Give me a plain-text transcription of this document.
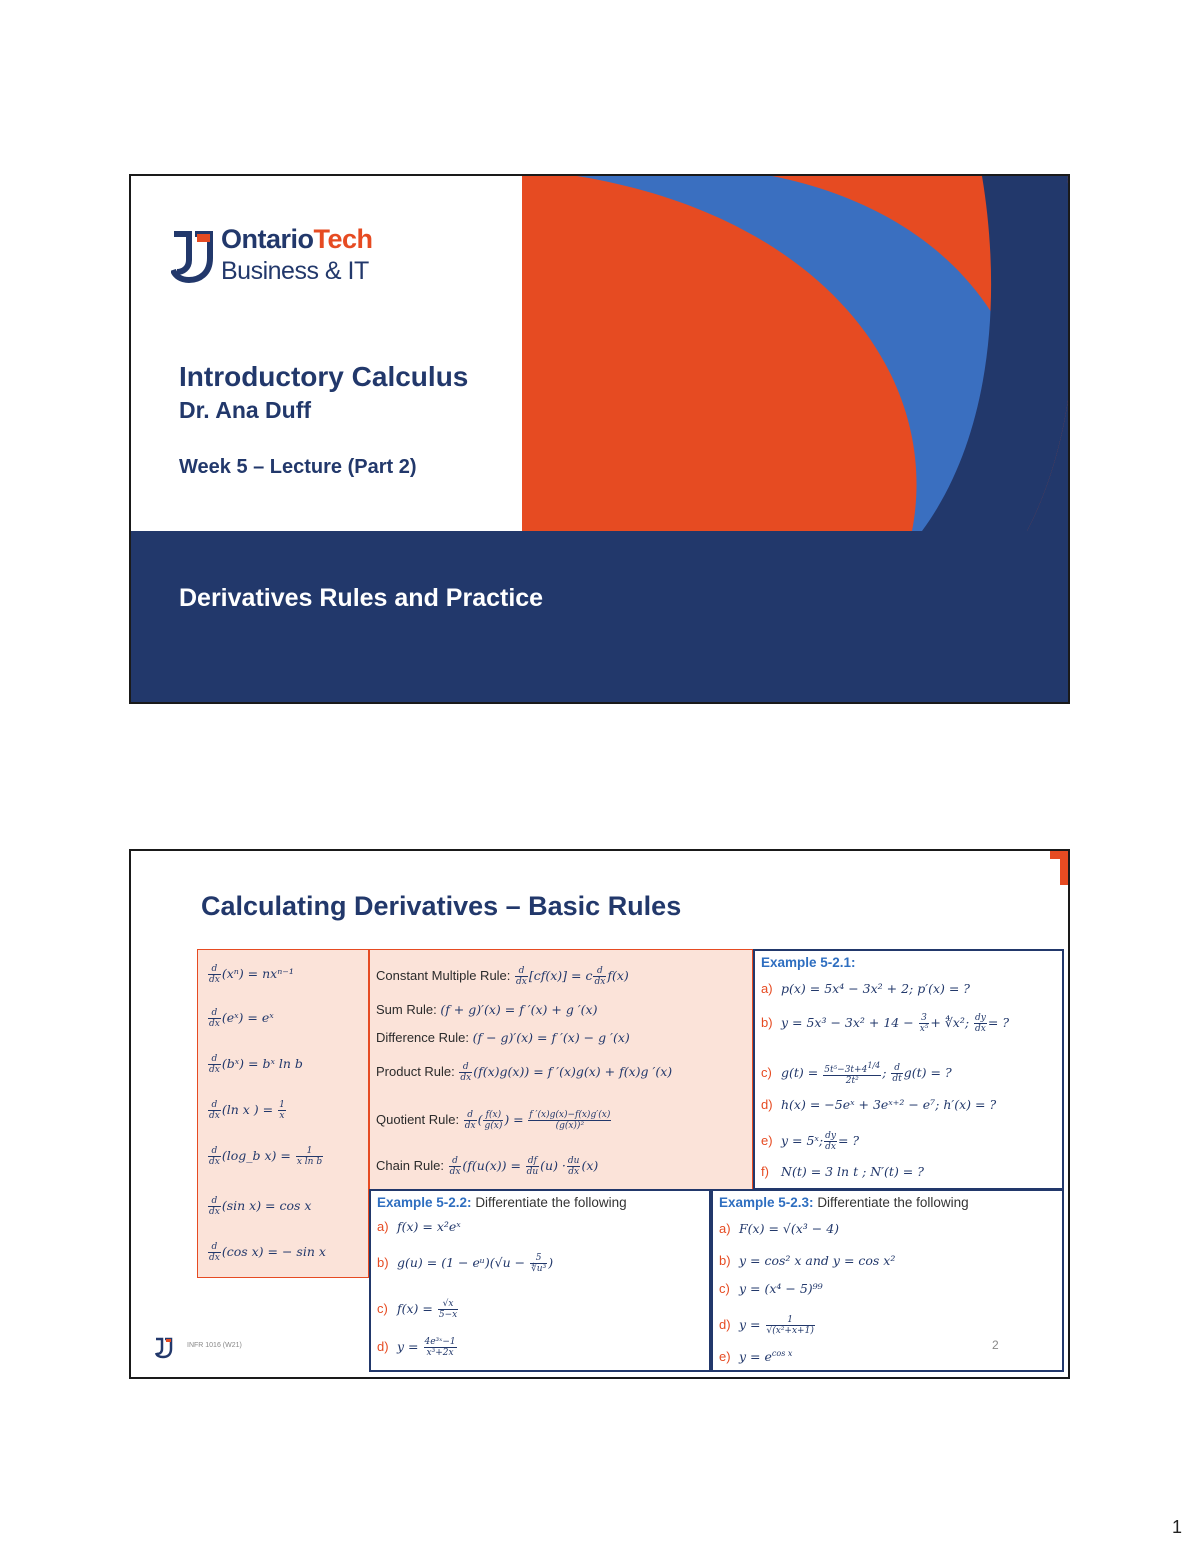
OntarioTech
Business & IT
Introductory Calculus
Dr. Ana Duff
Week 5 – Lecture (Part 2)
Derivatives Rules and Practice
Calculating Derivatives – Basic Rules
$\frac{d}{dx} (x^n) = nx^{n-1}$
$\frac{d}{dx}$ (eˣ) = eˣ
$\frac{d}{dx}$ (bˣ) = bˣ ln b
$\frac{d}{dx} (\ln$ x ) = $\frac{1}{x}$
$\frac{d}{dx}$ (log_b $x) = \frac{1}{\text{x ln b}}$
$\frac{d}{dx} (\sin$ x) = cos x
$\frac{d}{dx} (\cos$ x) = − sin x
Constant Multiple Rule: $\frac{d}{dx} [cf(x)] = c \frac{d}{dx} f(x)$
Sum Rule: (f + g)′(x) = f ′(x) + g ′(x)
Difference Rule: (f − g)′(x) = f ′(x) − g ′(x)
Product Rule: $\frac{d}{dx} (f(x)g(x)) = f$ ′(x)g(x) + f(x)g ′(x)
Quotient Rule: $\frac{d}{dx}$ ( $\frac{f(x)}{g(x)}$ ) = $\frac{f '(x)g(x)-f(x)g'(x)}{\text{(g(x))²}}$
Chain Rule: $\frac{d}{dx} (f(u(x)) = \frac{df}{du} (u) \cdot \frac{du}{dx} (x)$
Example 5-2.1:
a) p(x) = 5x⁴ − 3x² + 2; p′(x) = ?
b) $y = 5x^3 - 3x^2 + 14 - \frac{3}{\text{x⁵}}$ + ∜x²; $\frac{dy}{dx}$ = ?
c) $g(t) = \frac{5t^5-3t+4^{1/4}}{\text{2t²}}$ ; $\frac{d}{dt} g(t)$ = ?
d) h(x) = −5eˣ + 3eˣ⁺² − e⁷; h′(x) = ?
e) y = 5ˣ; $\frac{dy}{dx}$ = ?
f) N(t) = 3 ln t ; N′(t) = ?
Example 5-2.2: Differentiate the following
a) f(x) = x²eˣ
b) g(u) = (1 − eᵘ)(√u − $\frac{5}{\text{∜u³}}$ )
c) $f(x) = \frac{√x}{5-x}$
d) $y = \frac{\text{4e³ˣ−1}}{\text{x³+2x}}$
Example 5-2.3: Differentiate the following
a) F(x) = √(x³ − 4)
b) y = cos² x and y = cos x²
c) y = (x⁴ − 5)⁹⁹
d) $y = \frac{1}{\text{√(x²+x+1)}}$
e) $y = e^{cos x}$
INFR 1016 (W21)	2
1
